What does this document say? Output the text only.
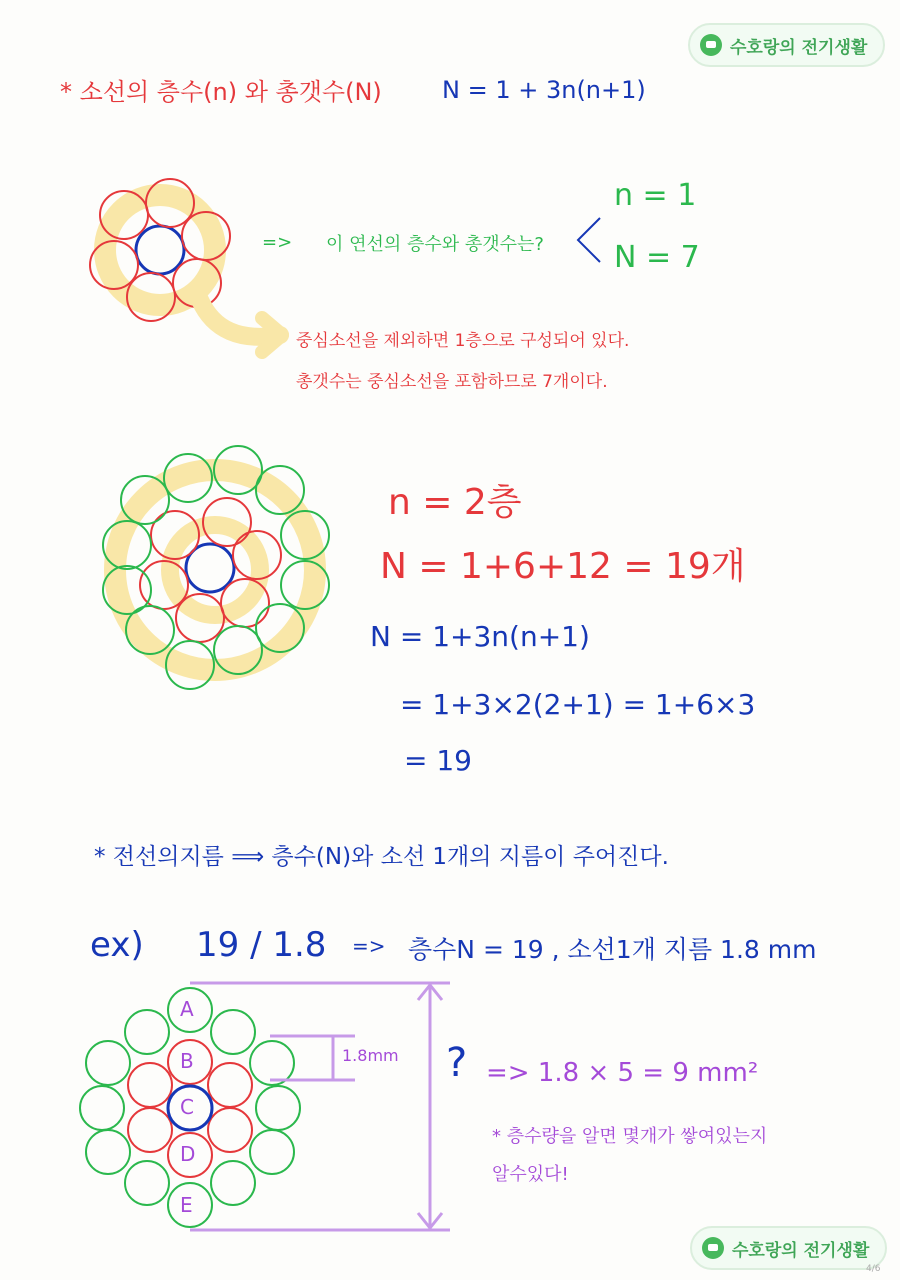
수호랑의 전기생활
수호랑의 전기생활
* 소선의 층수(n) 와 총갯수(N)	N = 1 + 3n(n+1)
=> 이 연선의 층수와 총갯수는?
n = 1
N = 7
중심소선을 제외하면 1층으로 구성되어 있다.
총갯수는 중심소선을 포함하므로 7개이다.
n = 2층
N = 1+6+12 = 19개
N = 1+3n(n+1)
= 1+3×2(2+1) = 1+6×3
= 19
* 전선의지름 ⟹ 층수(N)와 소선 1개의 지름이 주어진다.
ex) 19 / 1.8 => 층수N = 19 , 소선1개 지름 1.8 mm
A
B
C
D
E
1.8mm ? => 1.8 × 5 = 9 mm²
* 층수량을 알면 몇개가 쌓여있는지
알수있다!
4/6
